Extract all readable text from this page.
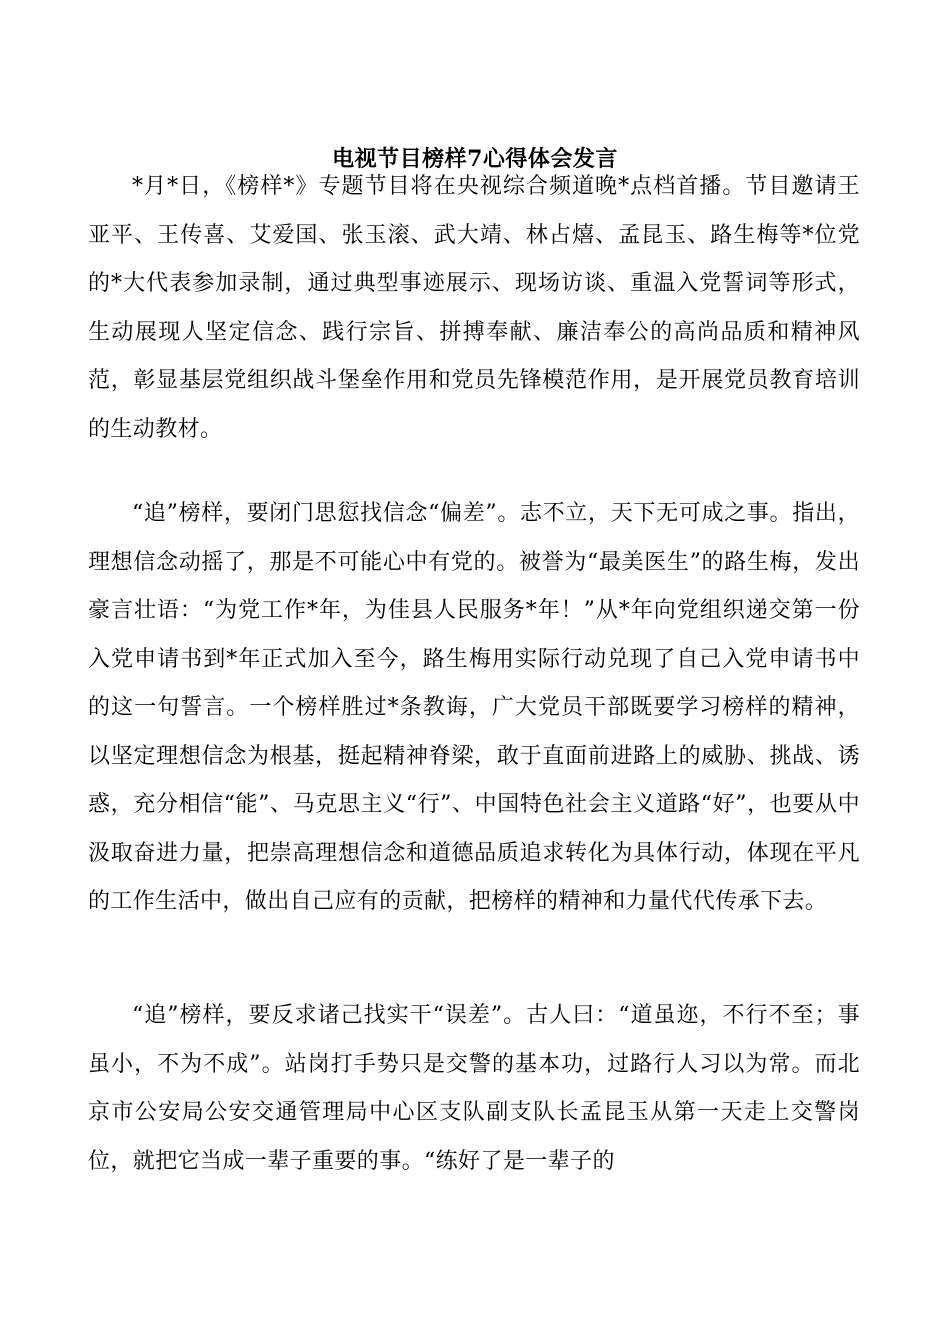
电视节目榜样7心得体会发言

*月*日，《榜样*》专题节目将在央视综合频道晚*点档首播。节目邀请王亚平、王传喜、艾爱国、张玉滚、武大靖、林占熺、孟昆玉、路生梅等*位党的*大代表参加录制，通过典型事迹展示、现场访谈、重温入党誓词等形式，生动展现人坚定信念、践行宗旨、拼搏奉献、廉洁奉公的高尚品质和精神风范，彰显基层党组织战斗堡垒作用和党员先锋模范作用，是开展党员教育培训的生动教材。

“追”榜样，要闭门思愆找信念“偏差”。志不立，天下无可成之事。指出，理想信念动摇了，那是不可能心中有党的。被誉为“最美医生”的路生梅，发出豪言壮语：“为党工作*年，为佳县人民服务*年！”从*年向党组织递交第一份入党申请书到*年正式加入至今，路生梅用实际行动兑现了自己入党申请书中的这一句誓言。一个榜样胜过*条教诲，广大党员干部既要学习榜样的精神，以坚定理想信念为根基，挺起精神脊梁，敢于直面前进路上的威胁、挑战、诱惑，充分相信“能”、马克思主义“行”、中国特色社会主义道路“好”，也要从中汲取奋进力量，把崇高理想信念和道德品质追求转化为具体行动，体现在平凡的工作生活中，做出自己应有的贡献，把榜样的精神和力量代代传承下去。

“追”榜样，要反求诸己找实干“误差”。古人曰：“道虽迩，不行不至；事虽小，不为不成”。站岗打手势只是交警的基本功，过路行人习以为常。而北京市公安局公安交通管理局中心区支队副支队长孟昆玉从第一天走上交警岗位，就把它当成一辈子重要的事。“练好了是一辈子的
